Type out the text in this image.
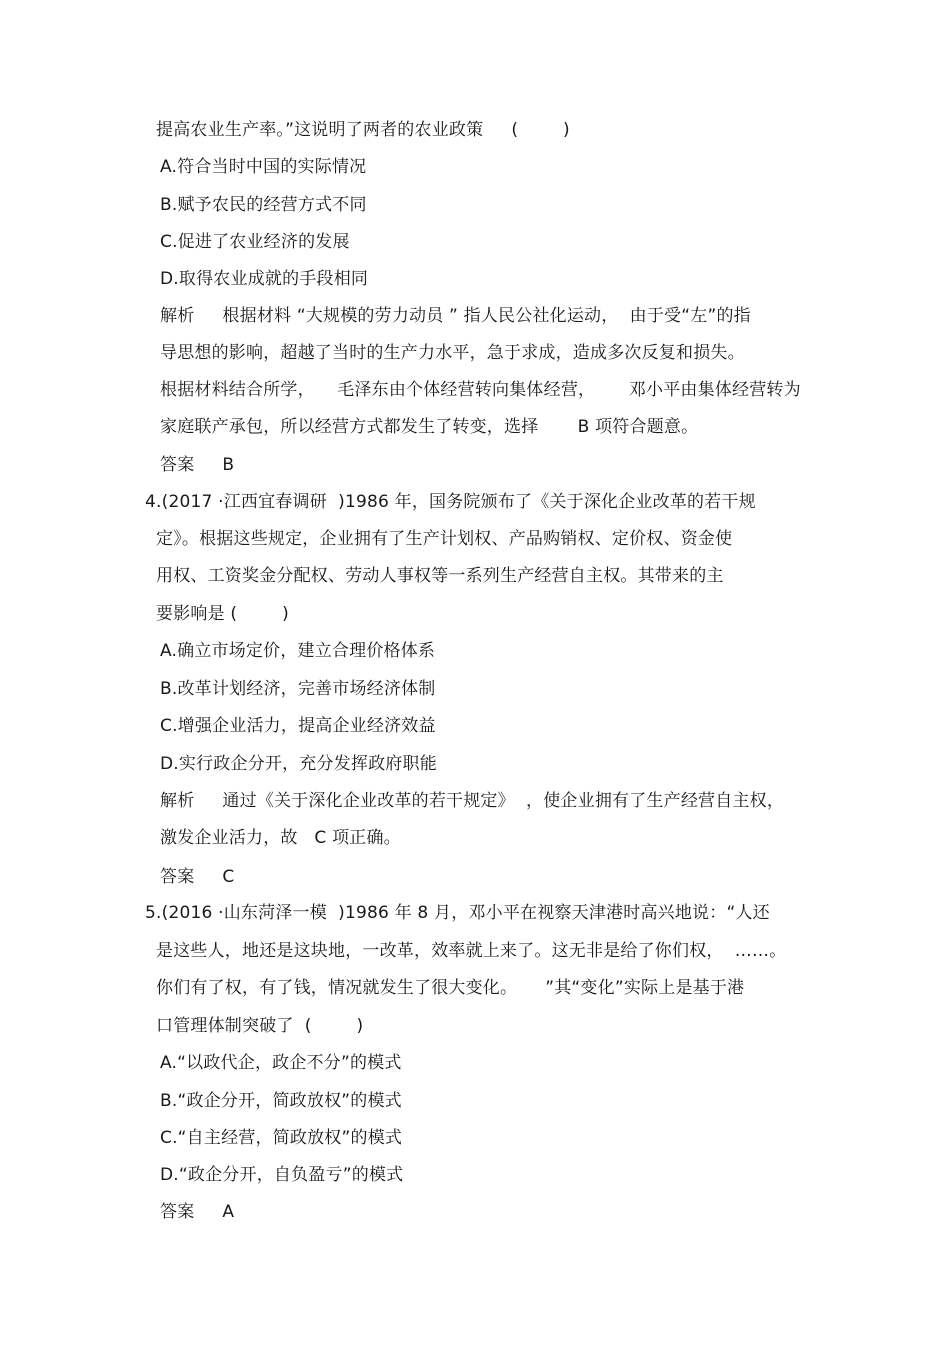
提高农业生产率。”这说明了两者的农业政策     (        )
A.符合当时中国的实际情况
B.赋予农民的经营方式不同
C.促进了农业经济的发展
D.取得农业成就的手段相同
解析     根据材料 “大规模的劳力动员 ” 指人民公社化运动，  由于受“左”的指
导思想的影响，超越了当时的生产力水平，急于求成，造成多次反复和损失。
根据材料结合所学，    毛泽东由个体经营转向集体经营，      邓小平由集体经营转为
家庭联产承包，所以经营方式都发生了转变，选择       B 项符合题意。
答案     B
4.(2017 ·江西宜春调研  )1986 年，国务院颁布了《关于深化企业改革的若干规
定》。根据这些规定，企业拥有了生产计划权、产品购销权、定价权、资金使
用权、工资奖金分配权、劳动人事权等一系列生产经营自主权。其带来的主
要影响是 (        )
A.确立市场定价，建立合理价格体系
B.改革计划经济，完善市场经济体制
C.增强企业活力，提高企业经济效益
D.实行政企分开，充分发挥政府职能
解析     通过《关于深化企业改革的若干规定》  ，使企业拥有了生产经营自主权，
激发企业活力，故   C 项正确。
答案     C
5.(2016 ·山东菏泽一模  )1986 年 8 月，邓小平在视察天津港时高兴地说：“人还
是这些人，地还是这块地，一改革，效率就上来了。这无非是给了你们权，  ……。
你们有了权，有了钱，情况就发生了很大变化。     ”其“变化”实际上是基于港
口管理体制突破了  (        )
A.“以政代企，政企不分”的模式
B.“政企分开，简政放权”的模式
C.“自主经营，简政放权”的模式
D.“政企分开，自负盈亏”的模式
答案     A
